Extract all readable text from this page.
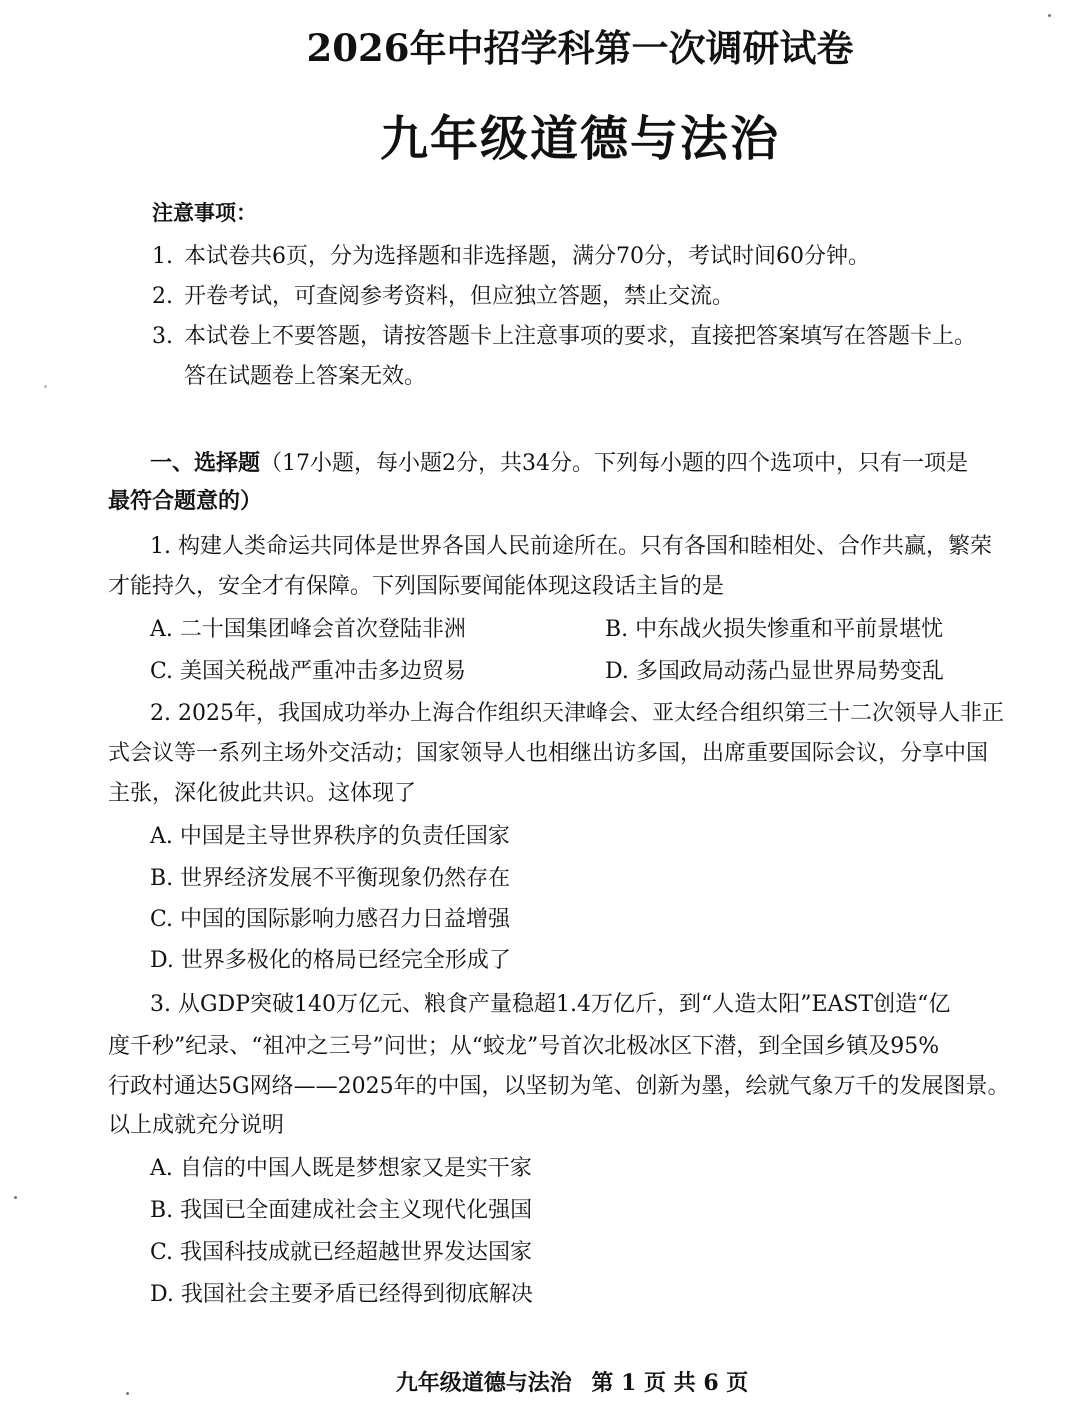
2026年中招学科第一次调研试卷
九年级道德与法治
注意事项：
1. 本试卷共6页，分为选择题和非选择题，满分70分，考试时间60分钟。
2. 开卷考试，可查阅参考资料，但应独立答题，禁止交流。
3. 本试卷上不要答题，请按答题卡上注意事项的要求，直接把答案填写在答题卡上。
答在试题卷上答案无效。
一、选择题（17小题，每小题2分，共34分。下列每小题的四个选项中，只有一项是
最符合题意的）
1. 构建人类命运共同体是世界各国人民前途所在。只有各国和睦相处、合作共赢，繁荣
才能持久，安全才有保障。下列国际要闻能体现这段话主旨的是
A. 二十国集团峰会首次登陆非洲	B. 中东战火损失惨重和平前景堪忧
C. 美国关税战严重冲击多边贸易	D. 多国政局动荡凸显世界局势变乱
2. 2025年，我国成功举办上海合作组织天津峰会、亚太经合组织第三十二次领导人非正
式会议等一系列主场外交活动；国家领导人也相继出访多国，出席重要国际会议，分享中国
主张，深化彼此共识。这体现了
A. 中国是主导世界秩序的负责任国家
B. 世界经济发展不平衡现象仍然存在
C. 中国的国际影响力感召力日益增强
D. 世界多极化的格局已经完全形成了
3. 从GDP突破140万亿元、粮食产量稳超1.4万亿斤，到“人造太阳”EAST创造“亿
度千秒”纪录、“祖冲之三号”问世；从“蛟龙”号首次北极冰区下潜，到全国乡镇及95%
行政村通达5G网络——2025年的中国，以坚韧为笔、创新为墨，绘就气象万千的发展图景。
以上成就充分说明
A. 自信的中国人既是梦想家又是实干家
B. 我国已全面建成社会主义现代化强国
C. 我国科技成就已经超越世界发达国家
D. 我国社会主要矛盾已经得到彻底解决
九年级道德与法治 第 1 页 共 6 页
